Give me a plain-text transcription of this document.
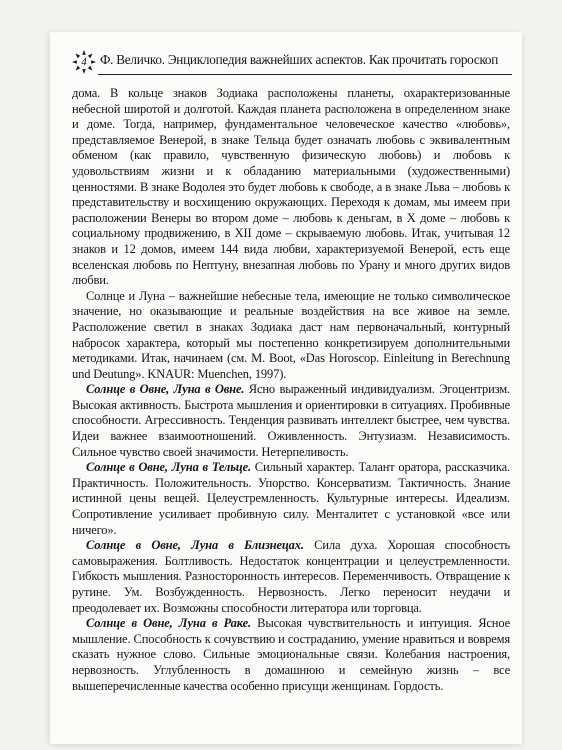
4	Ф. Величко. Энциклопедия важнейших аспектов. Как прочитать гороскоп

дома. В кольце знаков Зодиака расположены планеты, охарактеризованные небесной широтой и долготой. Каждая планета расположена в определенном знаке и доме. Тогда, например, фундаментальное человеческое качество «любовь», представляемое Венерой, в знаке Тельца будет означать любовь с эквивалентным обменом (как правило, чувственную физическую любовь) и любовь к удовольствиям жизни и к обладанию материальными (художественными) ценностями. В знаке Водолея это будет любовь к свободе, а в знаке Льва – любовь к представительству и восхищению окружающих. Переходя к домам, мы имеем при расположении Венеры во втором доме – любовь к деньгам, в X доме – любовь к социальному продвижению, в XII доме – скрываемую любовь. Итак, учитывая 12 знаков и 12 домов, имеем 144 вида любви, характеризуемой Венерой, есть еще вселенская любовь по Нептуну, внезапная любовь по Урану и много других видов любви.

Солнце и Луна – важнейшие небесные тела, имеющие не только символическое значение, но оказывающие и реальные воздействия на все живое на земле. Расположение светил в знаках Зодиака даст нам первоначальный, контурный набросок характера, который мы постепенно конкретизируем дополнительными методиками. Итак, начинаем (см. M. Boot, «Das Horoscop. Einleitung in Berechnung und Deutung». KNAUR: Muenchen, 1997).

Солнце в Овне, Луна в Овне. Ясно выраженный индивидуализм. Эгоцентризм. Высокая активность. Быстрота мышления и ориентировки в ситуациях. Пробивные способности. Агрессивность. Тенденция развивать интеллект быстрее, чем чувства. Идеи важнее взаимоотношений. Оживленность. Энтузиазм. Независимость. Сильное чувство своей значимости. Нетерпеливость.

Солнце в Овне, Луна в Тельце. Сильный характер. Талант оратора, рассказчика. Практичность. Положительность. Упорство. Консерватизм. Тактичность. Знание истинной цены вещей. Целеустремленность. Культурные интересы. Идеализм. Сопротивление усиливает пробивную силу. Менталитет с установкой «все или ничего».

Солнце в Овне, Луна в Близнецах. Сила духа. Хорошая способность самовыражения. Болтливость. Недостаток концентрации и целеустремленности. Гибкость мышления. Разносторонность интересов. Переменчивость. Отвращение к рутине. Ум. Возбужденность. Нервозность. Легко переносит неудачи и преодолевает их. Возможны способности литератора или торговца.

Солнце в Овне, Луна в Раке. Высокая чувствительность и интуиция. Ясное мышление. Способность к сочувствию и состраданию, умение нравиться и вовремя сказать нужное слово. Сильные эмоциональные связи. Колебания настроения, нервозность. Углубленность в домашнюю и семейную жизнь – все вышеперечисленные качества особенно присущи женщинам. Гордость.
